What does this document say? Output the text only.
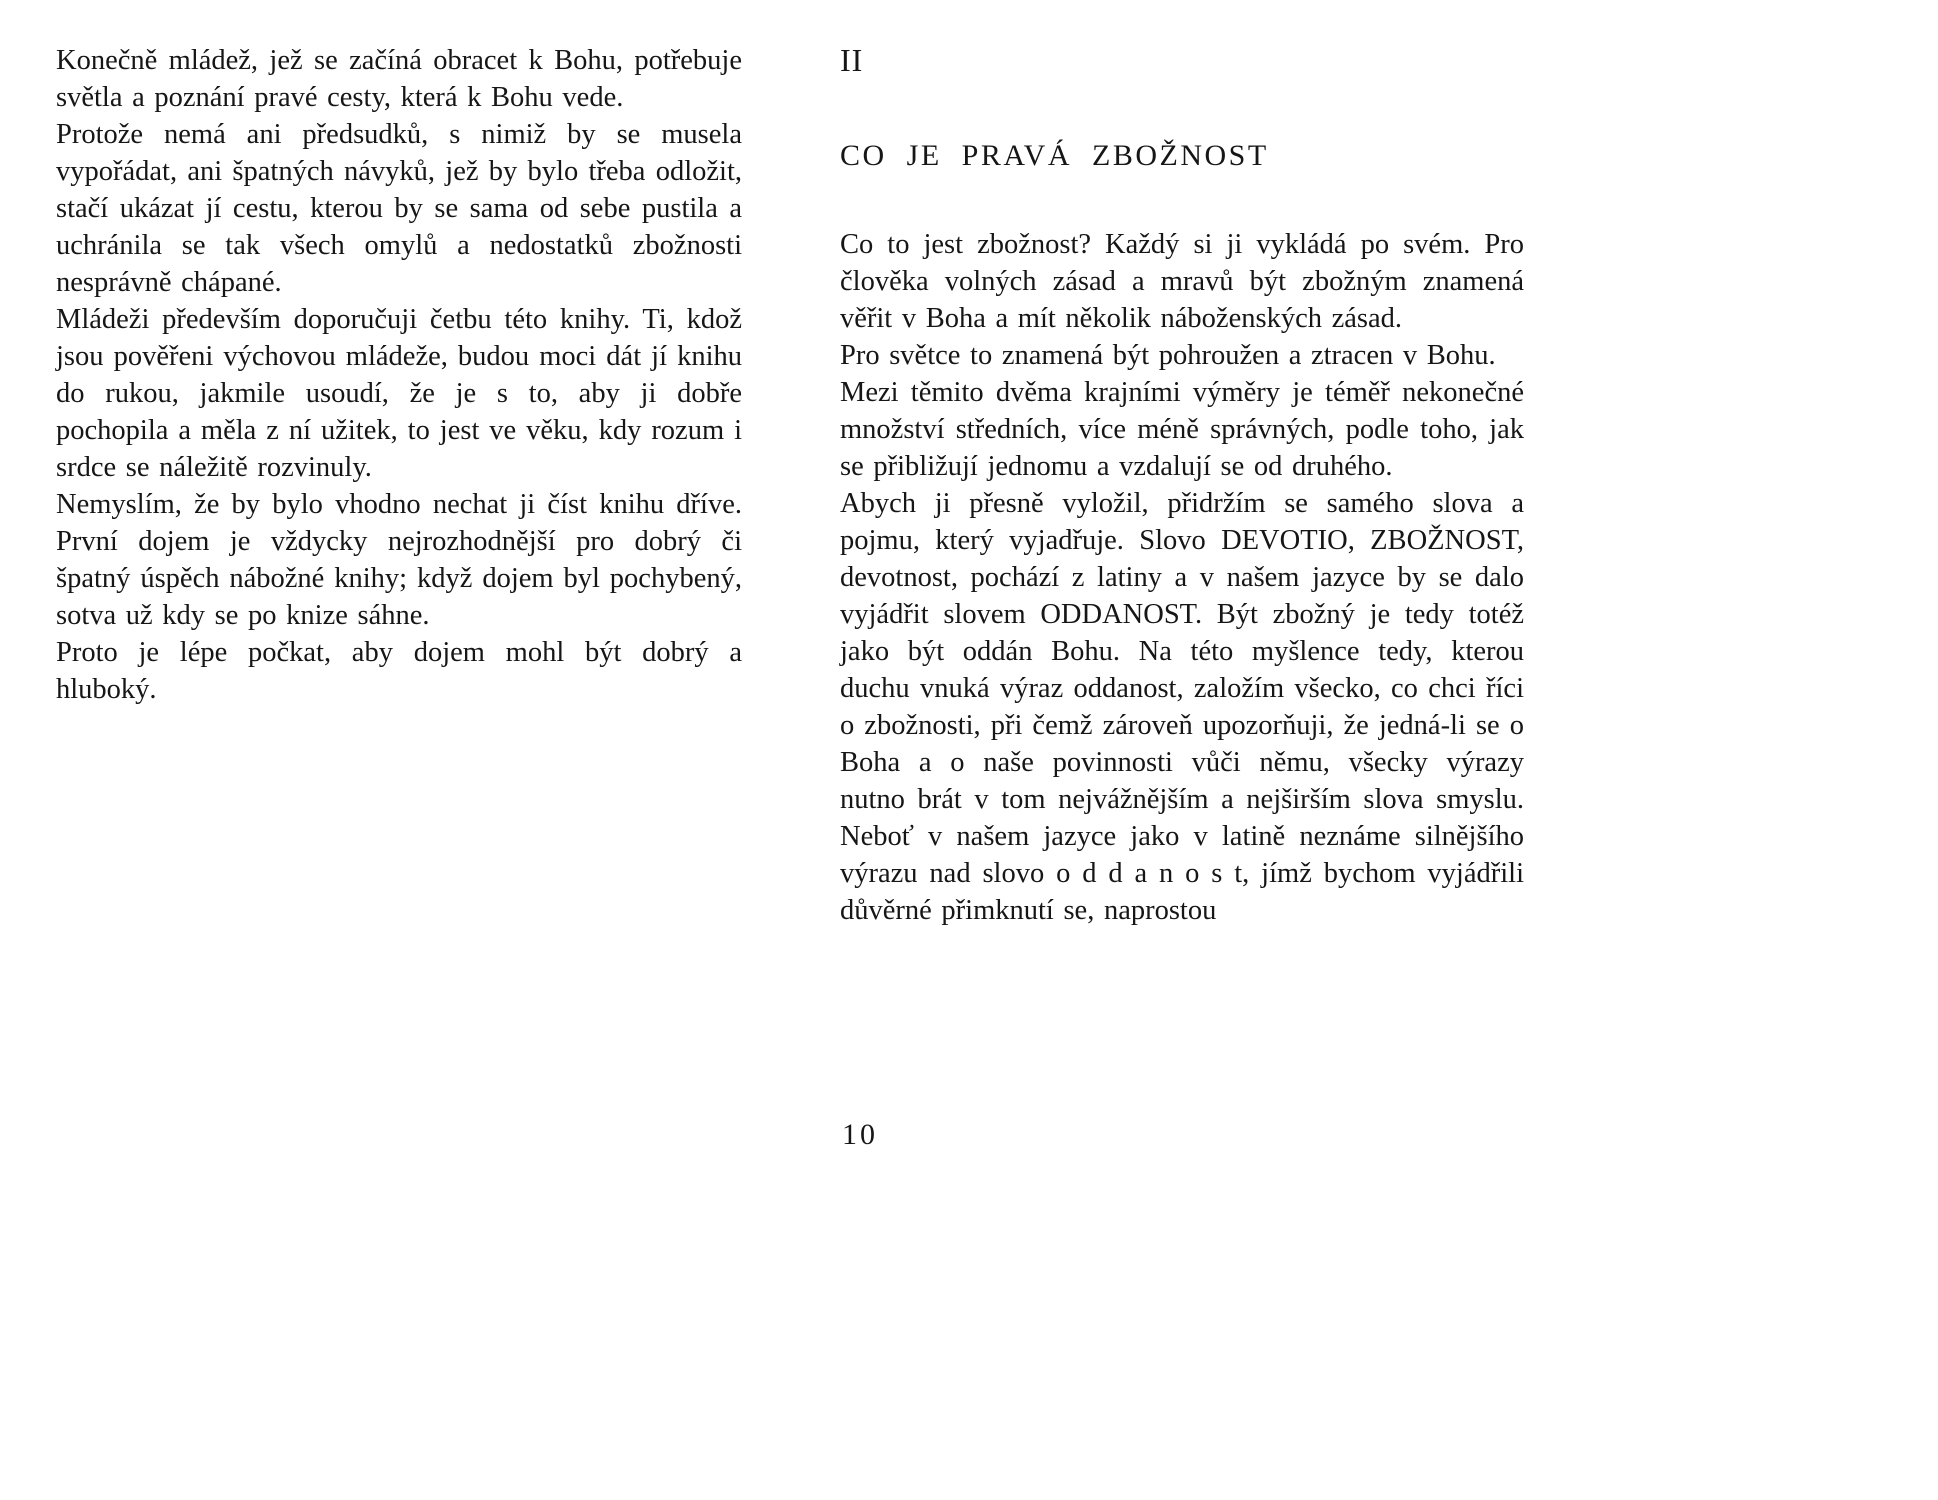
Konečně mládež, jež se začíná obracet k Bohu, potřebuje světla a poznání pravé cesty, která k Bohu vede.

Protože nemá ani předsudků, s nimiž by se musela vypořádat, ani špatných návyků, jež by bylo třeba odložit, stačí ukázat jí cestu, kterou by se sama od sebe pustila a uchránila se tak všech omylů a nedostatků zbožnosti nesprávně chápané.

Mládeži především doporučuji četbu této knihy. Ti, kdož jsou pověřeni výchovou mládeže, budou moci dát jí knihu do rukou, jakmile usoudí, že je s to, aby ji dobře pochopila a měla z ní užitek, to jest ve věku, kdy rozum i srdce se náležitě rozvinuly.

Nemyslím, že by bylo vhodno nechat ji číst knihu dříve. První dojem je vždycky nejrozhodnější pro dobrý či špatný úspěch nábožné knihy; když dojem byl pochybený, sotva už kdy se po knize sáhne.

Proto je lépe počkat, aby dojem mohl být dobrý a hluboký.

II
CO JE PRAVÁ ZBOŽNOST

Co to jest zbožnost? Každý si ji vykládá po svém. Pro člověka volných zásad a mravů být zbožným znamená věřit v Boha a mít několik náboženských zásad.

Pro světce to znamená být pohroužen a ztracen v Bohu.

Mezi těmito dvěma krajními výměry je téměř nekonečné množství středních, více méně správných, podle toho, jak se přibližují jednomu a vzdalují se od druhého.

Abych ji přesně vyložil, přidržím se samého slova a pojmu, který vyjadřuje. Slovo DEVOTIO, ZBOŽNOST, devotnost, pochází z latiny a v našem jazyce by se dalo vyjádřit slovem ODDANOST. Být zbožný je tedy totéž jako být oddán Bohu. Na této myšlence tedy, kterou duchu vnuká výraz oddanost, založím všecko, co chci říci o zbožnosti, při čemž zároveň upozorňuji, že jedná-li se o Boha a o naše povinnosti vůči němu, všecky výrazy nutno brát v tom nejvážnějším a nejširším slova smyslu. Neboť v našem jazyce jako v latině neznáme silnějšího výrazu nad slovo o d d a n o s t, jímž bychom vyjádřili důvěrné přimknutí se, naprostou

10
